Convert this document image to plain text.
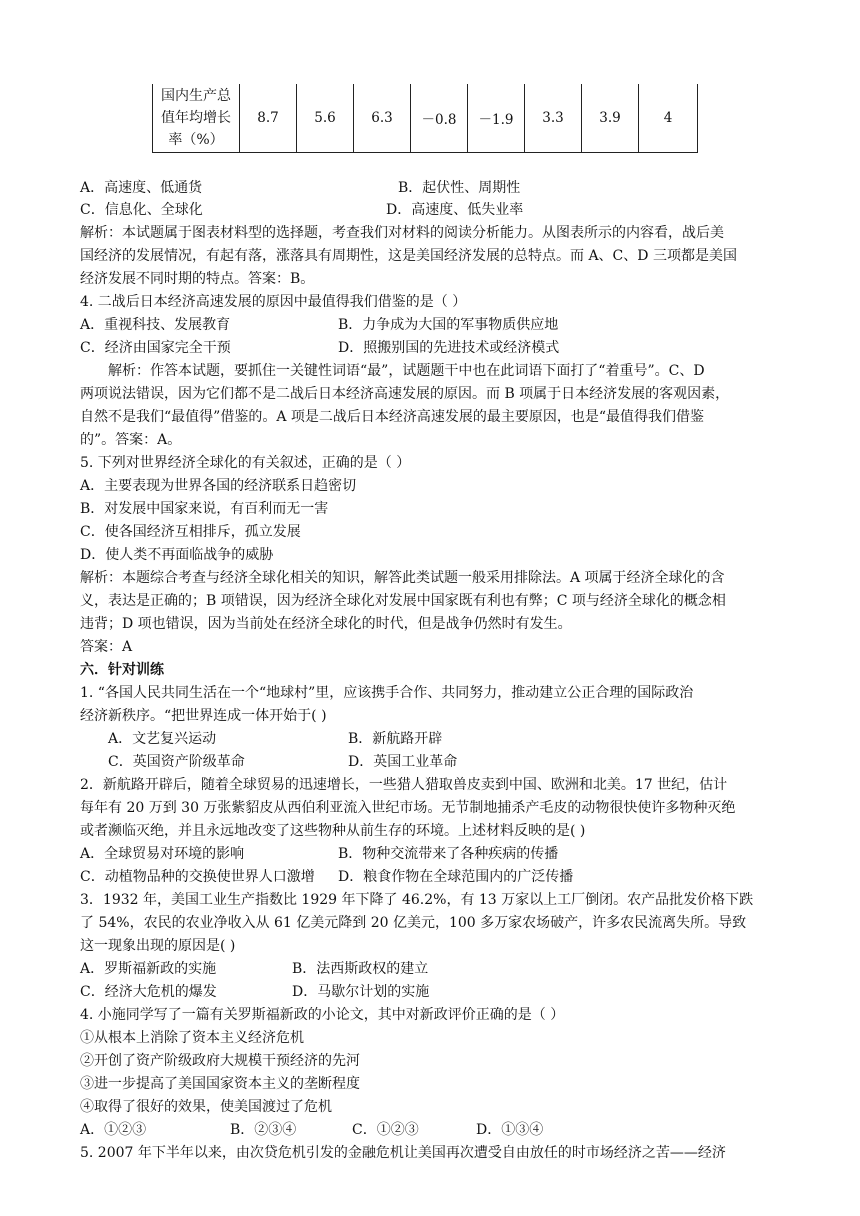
国内生产总
值年均增长
率（%）
	8.7	5.6	6.3	－0.8	－1.9	3.3	3.9	4
A．高速度、低通货	B．起伏性、周期性
C．信息化、全球化	D．高速度、低失业率
解析：本试题属于图表材料型的选择题，考查我们对材料的阅读分析能力。从图表所示的内容看，战后美
国经济的发展情况，有起有落，涨落具有周期性，这是美国经济发展的总特点。而 A、C、D 三项都是美国
经济发展不同时期的特点。答案：B。
4. 二战后日本经济高速发展的原因中最值得我们借鉴的是（ ）
A．重视科技、发展教育	B．力争成为大国的军事物质供应地
C．经济由国家完全干预	D．照搬别国的先进技术或经济模式
解析：作答本试题，要抓住一关键性词语“最”，试题题干中也在此词语下面打了“着重号”。C、D
两项说法错误，因为它们都不是二战后日本经济高速发展的原因。而 B 项属于日本经济发展的客观因素，
自然不是我们“最值得”借鉴的。A 项是二战后日本经济高速发展的最主要原因，也是“最值得我们借鉴
的”。答案：A。
5. 下列对世界经济全球化的有关叙述，正确的是（ ）
A．主要表现为世界各国的经济联系日趋密切
B．对发展中国家来说，有百利而无一害
C．使各国经济互相排斥，孤立发展
D．使人类不再面临战争的威胁
解析：本题综合考查与经济全球化相关的知识，解答此类试题一般采用排除法。A 项属于经济全球化的含
义，表达是正确的；B 项错误，因为经济全球化对发展中国家既有利也有弊；C 项与经济全球化的概念相
违背；D 项也错误，因为当前处在经济全球化的时代，但是战争仍然时有发生。
答案：A
六．针对训练
1. “各国人民共同生活在一个“地球村”里，应该携手合作、共同努力，推动建立公正合理的国际政治
经济新秩序。“把世界连成一体开始于( )
A．文艺复兴运动	B．新航路开辟
C．英国资产阶级革命	D．英国工业革命
2．新航路开辟后，随着全球贸易的迅速增长，一些猎人猎取兽皮卖到中国、欧洲和北美。17 世纪，估计
每年有 20 万到 30 万张紫貂皮从西伯利亚流入世纪市场。无节制地捕杀产毛皮的动物很快使许多物种灭绝
或者濒临灭绝，并且永远地改变了这些物种从前生存的环境。上述材料反映的是( )
A．全球贸易对环境的影响	B．物种交流带来了各种疾病的传播
C．动植物品种的交换使世界人口激增 D．粮食作物在全球范围内的广泛传播
3．1932 年，美国工业生产指数比 1929 年下降了 46.2%，有 13 万家以上工厂倒闭。农产品批发价格下跌
了 54%，农民的农业净收入从 61 亿美元降到 20 亿美元，100 多万家农场破产，许多农民流离失所。导致
这一现象出现的原因是( )
A．罗斯福新政的实施	B．法西斯政权的建立
C．经济大危机的爆发	D．马歇尔计划的实施
4. 小施同学写了一篇有关罗斯福新政的小论文，其中对新政评价正确的是（ ）
①从根本上消除了资本主义经济危机
②开创了资产阶级政府大规模干预经济的先河
③进一步提高了美国国家资本主义的垄断程度
④取得了很好的效果，使美国渡过了危机
A．①②③	B．②③④	C．①②③	D．①③④
5. 2007 年下半年以来，由次贷危机引发的金融危机让美国再次遭受自由放任的时市场经济之苦——经济
